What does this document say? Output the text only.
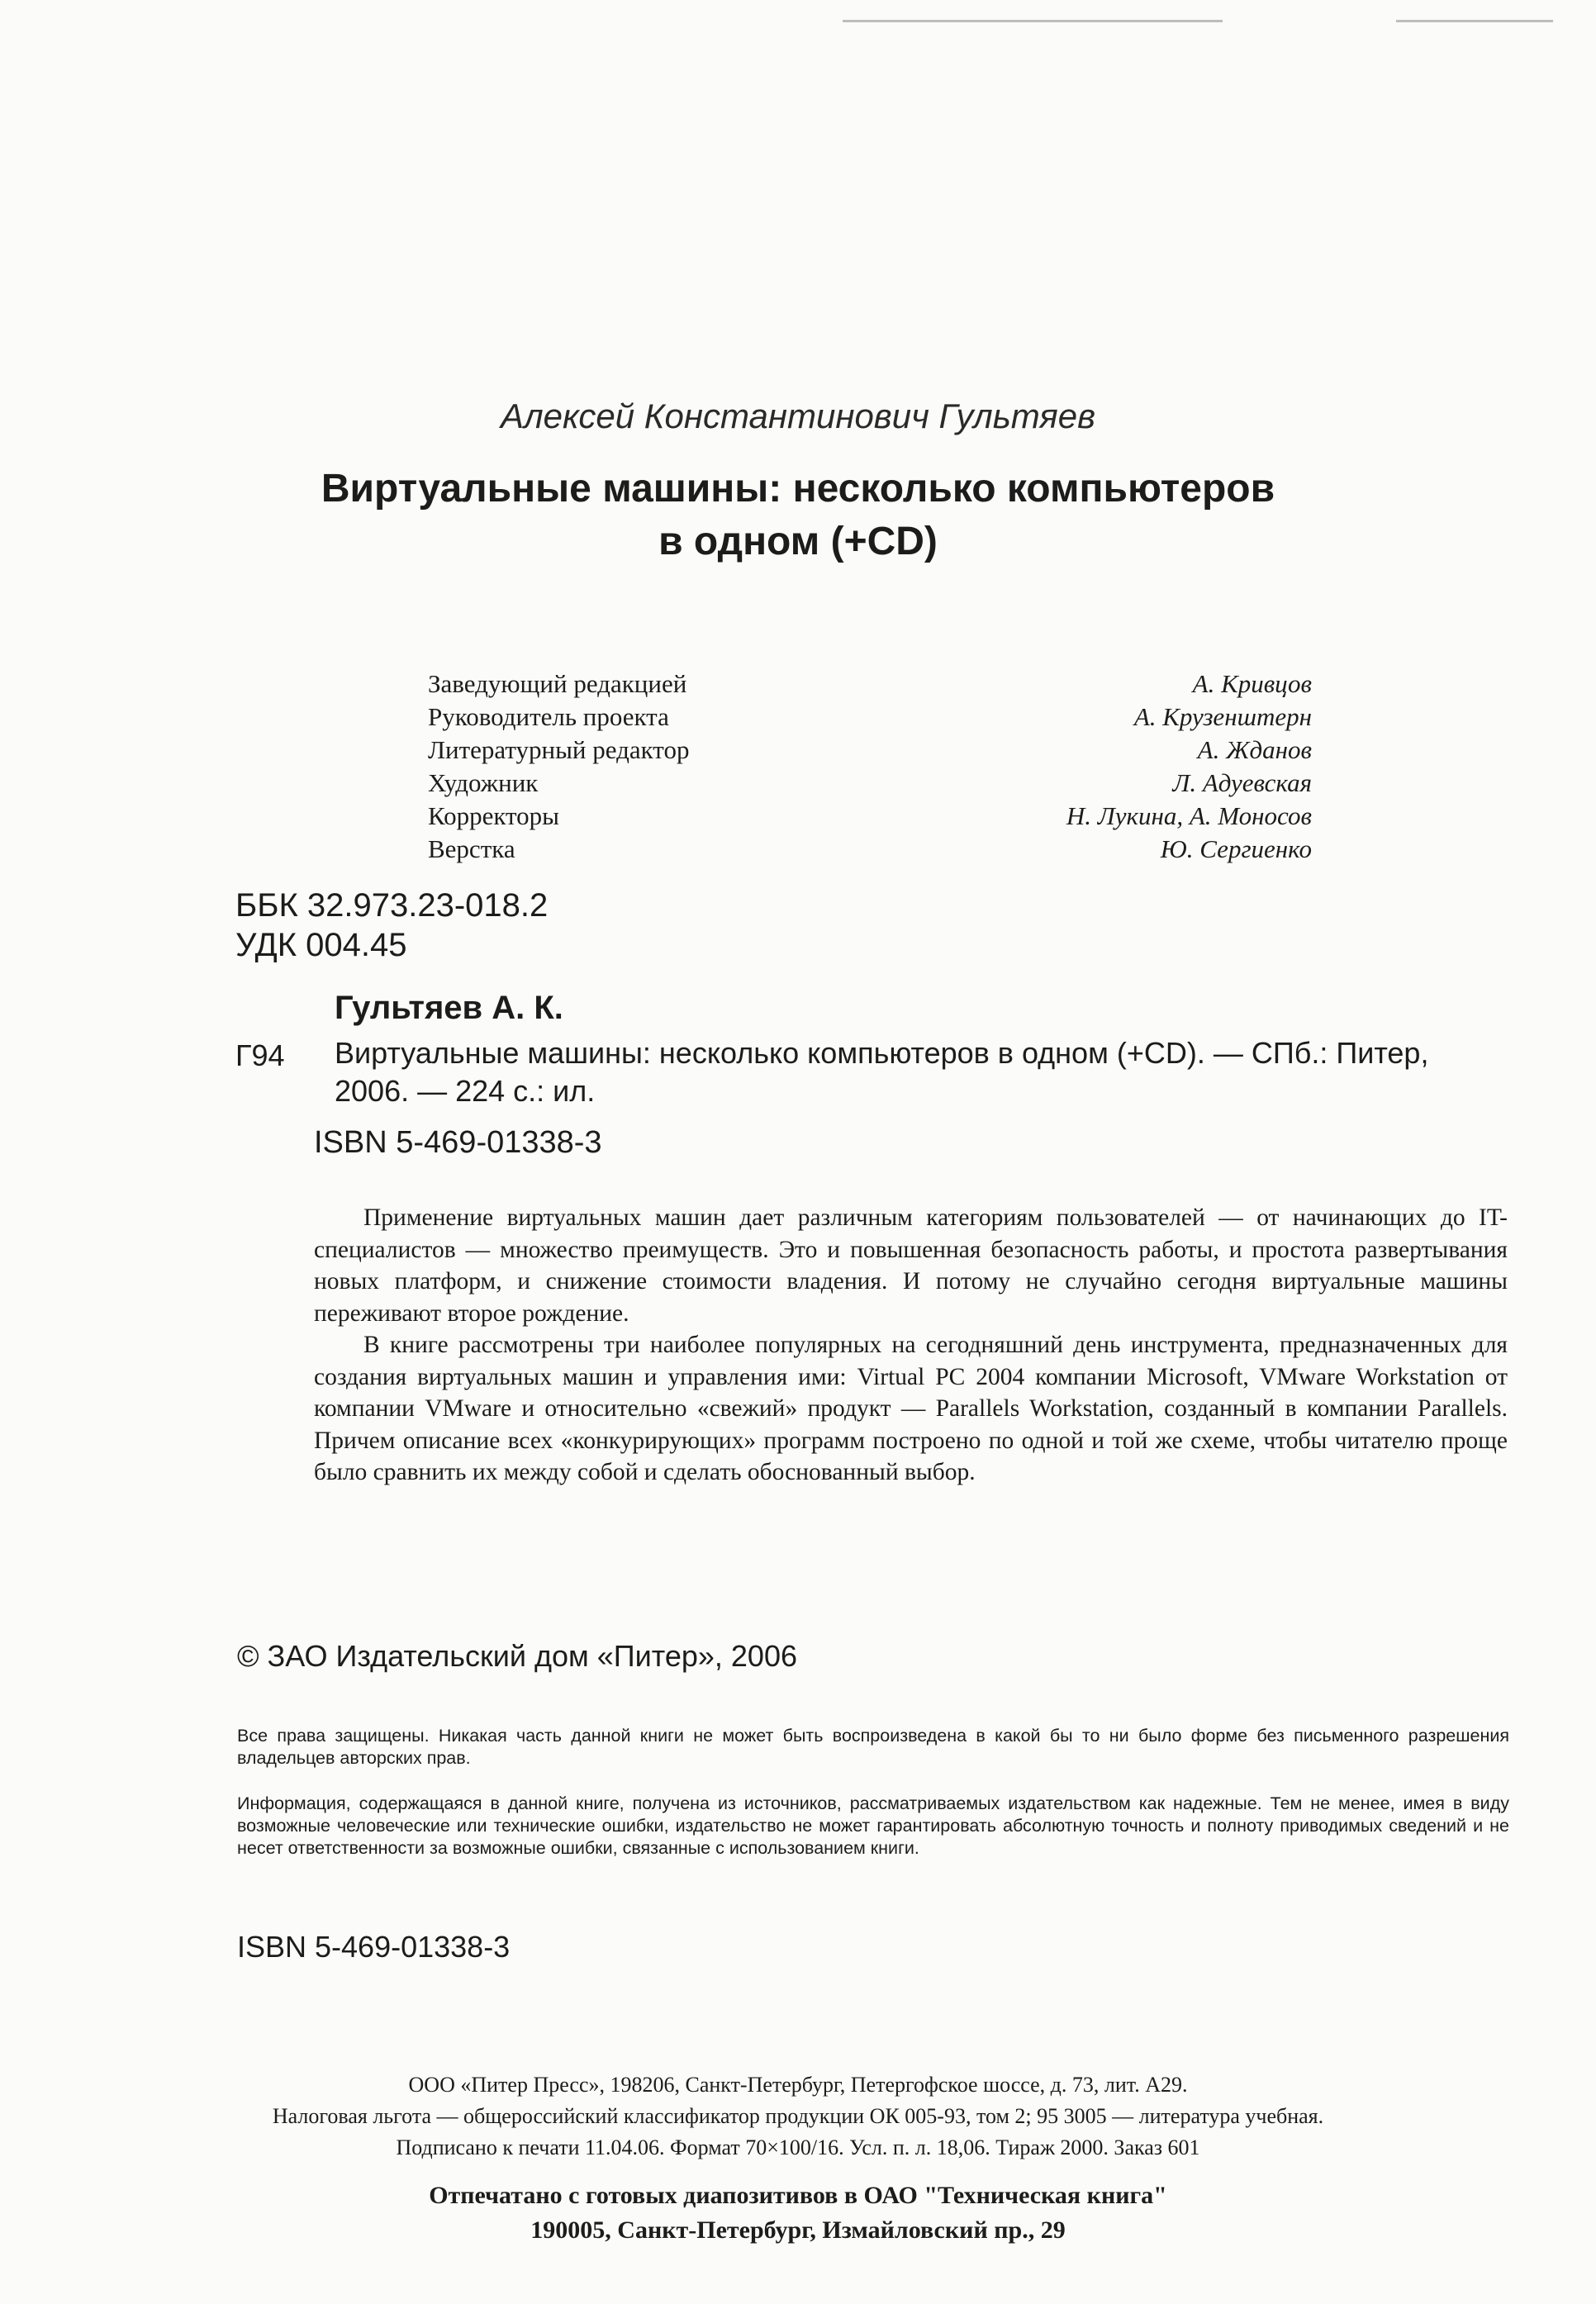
Алексей Константинович Гультяев
Виртуальные машины: несколько компьютеров
в одном (+CD)
Заведующий редакцией	А. Кривцов
Руководитель проекта	А. Крузенштерн
Литературный редактор	А. Жданов
Художник	Л. Адуевская
Корректоры	Н. Лукина, А. Моносов
Верстка	Ю. Сергиенко
ББК 32.973.23-018.2
УДК 004.45
Гультяев А. К.
Г94 Виртуальные машины: несколько компьютеров в одном (+CD). — СПб.: Питер,
2006. — 224 с.: ил.
ISBN 5-469-01338-3

Применение виртуальных машин дает различным категориям пользователей — от начинающих до IT-специалистов — множество преимуществ. Это и повышенная безопасность работы, и простота развертывания новых платформ, и снижение стоимости владения. И потому не случайно сегодня виртуальные машины переживают второе рождение.

В книге рассмотрены три наиболее популярных на сегодняшний день инструмента, предназначенных для создания виртуальных машин и управления ими: Virtual PC 2004 компании Microsoft, VMware Workstation от компании VMware и относительно «свежий» продукт — Parallels Workstation, созданный в компании Parallels. Причем описание всех «конкурирующих» программ построено по одной и той же схеме, чтобы читателю проще было сравнить их между собой и сделать обоснованный выбор.

© ЗАО Издательский дом «Питер», 2006

Все права защищены. Никакая часть данной книги не может быть воспроизведена в какой бы то ни было форме без письменного разрешения владельцев авторских прав.

Информация, содержащаяся в данной книге, получена из источников, рассматриваемых издательством как надежные. Тем не менее, имея в виду возможные человеческие или технические ошибки, издательство не может гарантировать абсолютную точность и полноту приводимых сведений и не несет ответственности за возможные ошибки, связанные с использованием книги.

ISBN 5-469-01338-3
ООО «Питер Пресс», 198206, Санкт-Петербург, Петергофское шоссе, д. 73, лит. А29.
Налоговая льгота — общероссийский классификатор продукции ОК 005-93, том 2; 95 3005 — литература учебная.
Подписано к печати 11.04.06. Формат 70×100/16. Усл. п. л. 18,06. Тираж 2000. Заказ 601
Отпечатано с готовых диапозитивов в ОАО "Техническая книга"
190005, Санкт-Петербург, Измайловский пр., 29
